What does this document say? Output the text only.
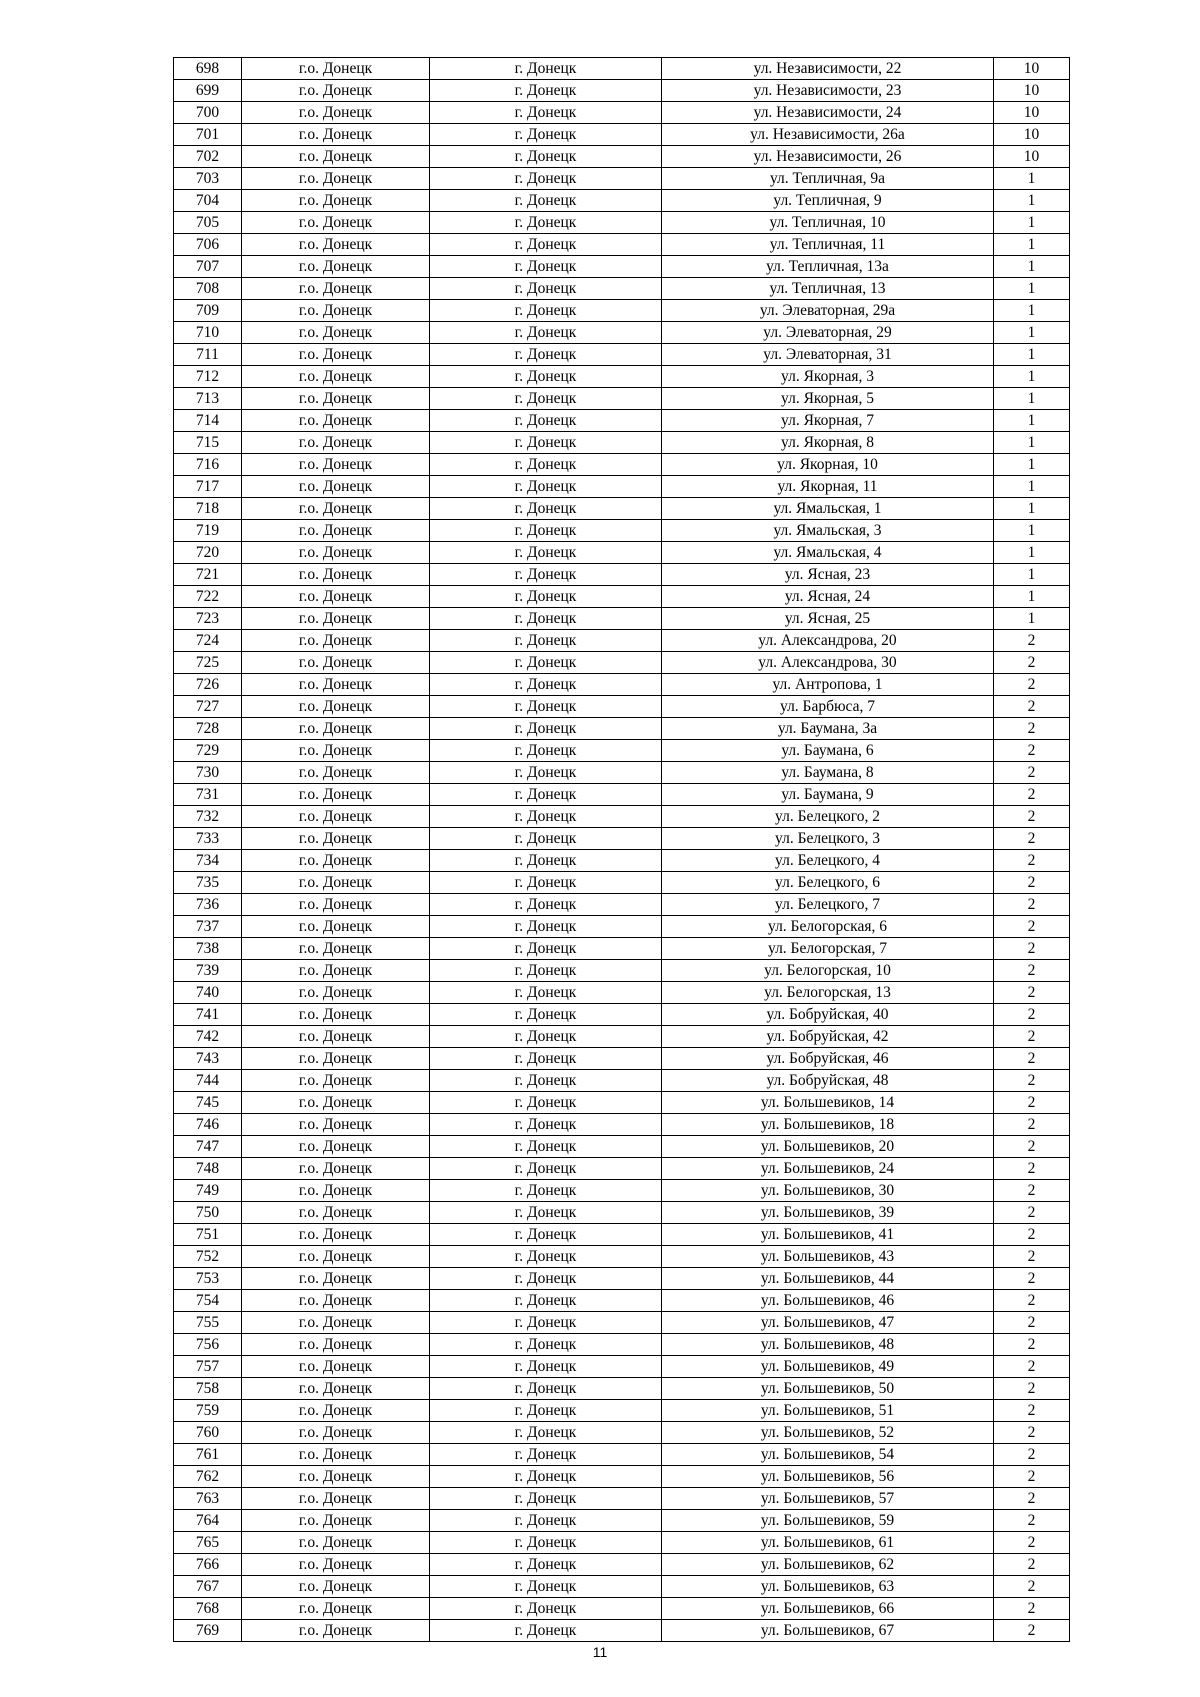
698	г.о. Донецк	г. Донецк	ул. Независимости, 22	10
699	г.о. Донецк	г. Донецк	ул. Независимости, 23	10
700	г.о. Донецк	г. Донецк	ул. Независимости, 24	10
701	г.о. Донецк	г. Донецк	ул. Независимости, 26а	10
702	г.о. Донецк	г. Донецк	ул. Независимости, 26	10
703	г.о. Донецк	г. Донецк	ул. Тепличная, 9а	1
704	г.о. Донецк	г. Донецк	ул. Тепличная, 9	1
705	г.о. Донецк	г. Донецк	ул. Тепличная, 10	1
706	г.о. Донецк	г. Донецк	ул. Тепличная, 11	1
707	г.о. Донецк	г. Донецк	ул. Тепличная, 13а	1
708	г.о. Донецк	г. Донецк	ул. Тепличная, 13	1
709	г.о. Донецк	г. Донецк	ул. Элеваторная, 29а	1
710	г.о. Донецк	г. Донецк	ул. Элеваторная, 29	1
711	г.о. Донецк	г. Донецк	ул. Элеваторная, 31	1
712	г.о. Донецк	г. Донецк	ул. Якорная, 3	1
713	г.о. Донецк	г. Донецк	ул. Якорная, 5	1
714	г.о. Донецк	г. Донецк	ул. Якорная, 7	1
715	г.о. Донецк	г. Донецк	ул. Якорная, 8	1
716	г.о. Донецк	г. Донецк	ул. Якорная, 10	1
717	г.о. Донецк	г. Донецк	ул. Якорная, 11	1
718	г.о. Донецк	г. Донецк	ул. Ямальская, 1	1
719	г.о. Донецк	г. Донецк	ул. Ямальская, 3	1
720	г.о. Донецк	г. Донецк	ул. Ямальская, 4	1
721	г.о. Донецк	г. Донецк	ул. Ясная, 23	1
722	г.о. Донецк	г. Донецк	ул. Ясная, 24	1
723	г.о. Донецк	г. Донецк	ул. Ясная, 25	1
724	г.о. Донецк	г. Донецк	ул. Александрова, 20	2
725	г.о. Донецк	г. Донецк	ул. Александрова, 30	2
726	г.о. Донецк	г. Донецк	ул. Антропова, 1	2
727	г.о. Донецк	г. Донецк	ул. Барбюса, 7	2
728	г.о. Донецк	г. Донецк	ул. Баумана, 3а	2
729	г.о. Донецк	г. Донецк	ул. Баумана, 6	2
730	г.о. Донецк	г. Донецк	ул. Баумана, 8	2
731	г.о. Донецк	г. Донецк	ул. Баумана, 9	2
732	г.о. Донецк	г. Донецк	ул. Белецкого, 2	2
733	г.о. Донецк	г. Донецк	ул. Белецкого, 3	2
734	г.о. Донецк	г. Донецк	ул. Белецкого, 4	2
735	г.о. Донецк	г. Донецк	ул. Белецкого, 6	2
736	г.о. Донецк	г. Донецк	ул. Белецкого, 7	2
737	г.о. Донецк	г. Донецк	ул. Белогорская, 6	2
738	г.о. Донецк	г. Донецк	ул. Белогорская, 7	2
739	г.о. Донецк	г. Донецк	ул. Белогорская, 10	2
740	г.о. Донецк	г. Донецк	ул. Белогорская, 13	2
741	г.о. Донецк	г. Донецк	ул. Бобруйская, 40	2
742	г.о. Донецк	г. Донецк	ул. Бобруйская, 42	2
743	г.о. Донецк	г. Донецк	ул. Бобруйская, 46	2
744	г.о. Донецк	г. Донецк	ул. Бобруйская, 48	2
745	г.о. Донецк	г. Донецк	ул. Большевиков, 14	2
746	г.о. Донецк	г. Донецк	ул. Большевиков, 18	2
747	г.о. Донецк	г. Донецк	ул. Большевиков, 20	2
748	г.о. Донецк	г. Донецк	ул. Большевиков, 24	2
749	г.о. Донецк	г. Донецк	ул. Большевиков, 30	2
750	г.о. Донецк	г. Донецк	ул. Большевиков, 39	2
751	г.о. Донецк	г. Донецк	ул. Большевиков, 41	2
752	г.о. Донецк	г. Донецк	ул. Большевиков, 43	2
753	г.о. Донецк	г. Донецк	ул. Большевиков, 44	2
754	г.о. Донецк	г. Донецк	ул. Большевиков, 46	2
755	г.о. Донецк	г. Донецк	ул. Большевиков, 47	2
756	г.о. Донецк	г. Донецк	ул. Большевиков, 48	2
757	г.о. Донецк	г. Донецк	ул. Большевиков, 49	2
758	г.о. Донецк	г. Донецк	ул. Большевиков, 50	2
759	г.о. Донецк	г. Донецк	ул. Большевиков, 51	2
760	г.о. Донецк	г. Донецк	ул. Большевиков, 52	2
761	г.о. Донецк	г. Донецк	ул. Большевиков, 54	2
762	г.о. Донецк	г. Донецк	ул. Большевиков, 56	2
763	г.о. Донецк	г. Донецк	ул. Большевиков, 57	2
764	г.о. Донецк	г. Донецк	ул. Большевиков, 59	2
765	г.о. Донецк	г. Донецк	ул. Большевиков, 61	2
766	г.о. Донецк	г. Донецк	ул. Большевиков, 62	2
767	г.о. Донецк	г. Донецк	ул. Большевиков, 63	2
768	г.о. Донецк	г. Донецк	ул. Большевиков, 66	2
769	г.о. Донецк	г. Донецк	ул. Большевиков, 67	2
11
